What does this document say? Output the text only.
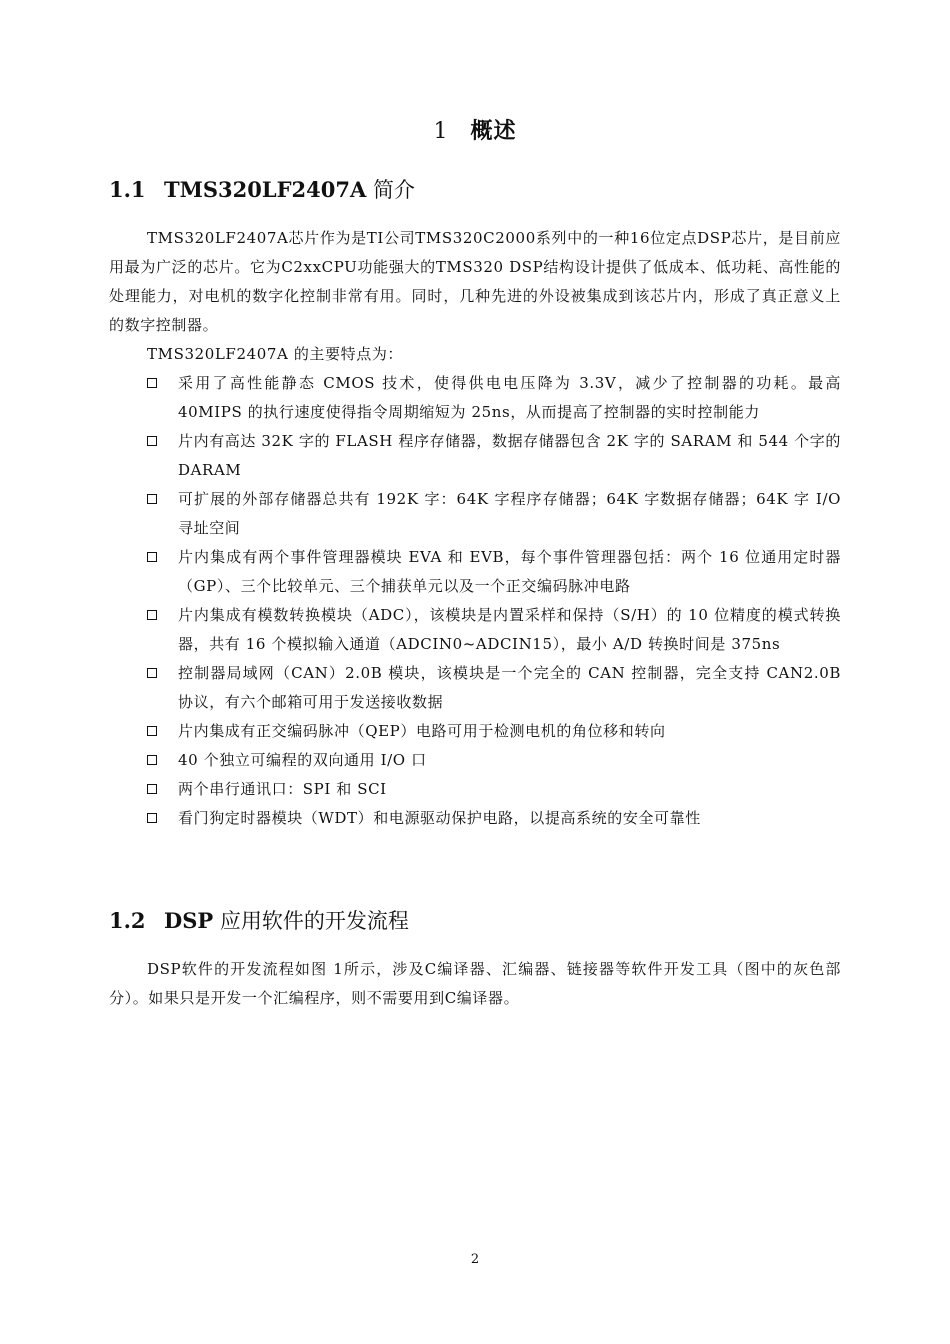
1 概述
1.1 TMS320LF2407A 简介
TMS320LF2407A芯片作为是TI公司TMS320C2000系列中的一种16位定点DSP芯片，是目前应用最为广泛的芯片。它为C2xxCPU功能强大的TMS320 DSP结构设计提供了低成本、低功耗、高性能的处理能力，对电机的数字化控制非常有用。同时，几种先进的外设被集成到该芯片内，形成了真正意义上的数字控制器。
TMS320LF2407A 的主要特点为：
采用了高性能静态 CMOS 技术，使得供电电压降为 3.3V，减少了控制器的功耗。最高 40MIPS 的执行速度使得指令周期缩短为 25ns，从而提高了控制器的实时控制能力
片内有高达 32K 字的 FLASH 程序存储器，数据存储器包含 2K 字的 SARAM 和 544 个字的 DARAM
可扩展的外部存储器总共有 192K 字：64K 字程序存储器；64K 字数据存储器；64K 字 I/O 寻址空间
片内集成有两个事件管理器模块 EVA 和 EVB，每个事件管理器包括：两个 16 位通用定时器（GP）、三个比较单元、三个捕获单元以及一个正交编码脉冲电路
片内集成有模数转换模块（ADC），该模块是内置采样和保持（S/H）的 10 位精度的模式转换器，共有 16 个模拟输入通道（ADCIN0~ADCIN15），最小 A/D 转换时间是 375ns
控制器局域网（CAN）2.0B 模块，该模块是一个完全的 CAN 控制器，完全支持 CAN2.0B 协议，有六个邮箱可用于发送接收数据
片内集成有正交编码脉冲（QEP）电路可用于检测电机的角位移和转向
40 个独立可编程的双向通用 I/O 口
两个串行通讯口：SPI 和 SCI
看门狗定时器模块（WDT）和电源驱动保护电路，以提高系统的安全可靠性
1.2 DSP 应用软件的开发流程
DSP软件的开发流程如图 1所示，涉及C编译器、汇编器、链接器等软件开发工具（图中的灰色部分）。如果只是开发一个汇编程序，则不需要用到C编译器。
2
